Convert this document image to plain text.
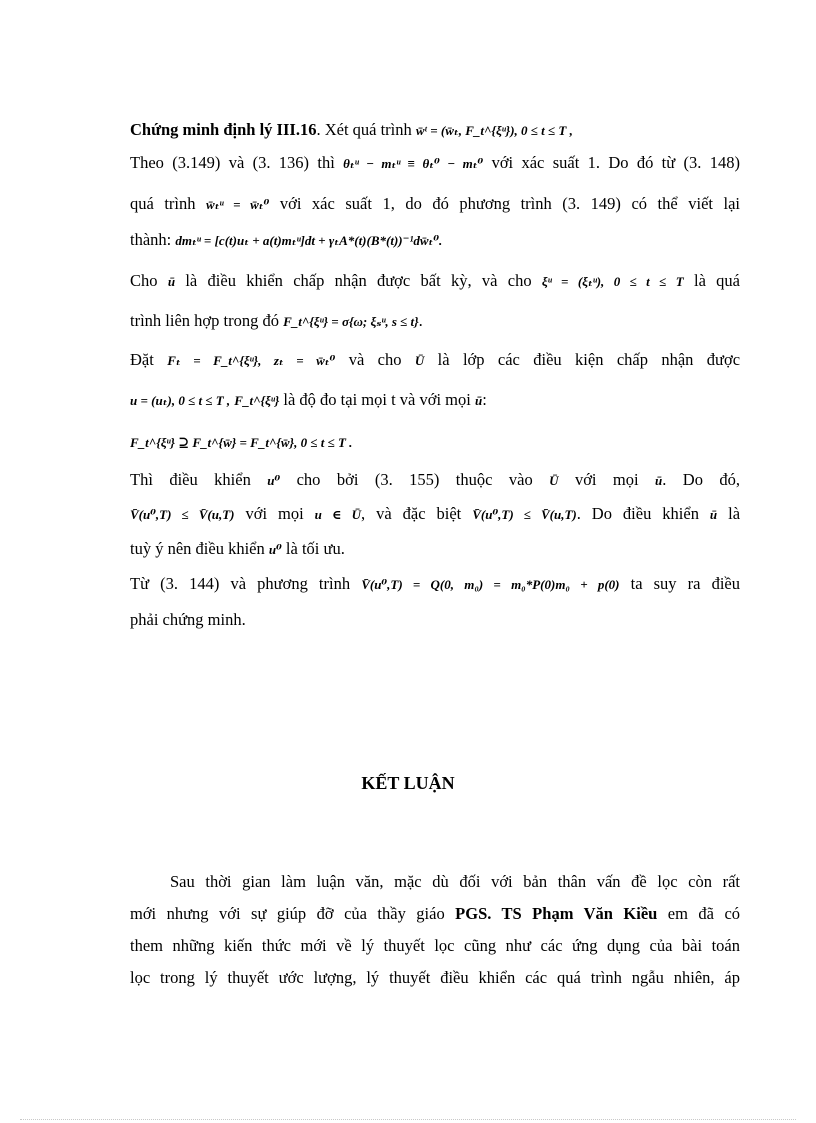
Chứng minh định lý III.16. Xét quá trình w̄ᵗ = (w̄ₜ, F_t^{ξᵘ}), 0 ≤ t ≤ T ,
Theo (3.149) và (3. 136) thì θₜᵘ − mₜᵘ ≡ θₜ⁰ − mₜ⁰ với xác suất 1. Do đó từ (3. 148)
quá trình w̄ₜᵘ = w̄ₜ⁰ với xác suất 1, do đó phương trình (3. 149) có thể viết lại
thành: dmₜᵘ = [c(t)uₜ + a(t)mₜᵘ]dt + γₜA*(t)(B*(t))⁻¹dw̄ₜ⁰.
Cho ū là điều khiển chấp nhận được bất kỳ, và cho ξᵘ = (ξₜᵘ), 0 ≤ t ≤ T là quá
trình liên hợp trong đó F_t^{ξᵘ} = σ{ω; ξₛᵘ, s ≤ t}.
Đặt Fₜ = F_t^{ξᵘ}, zₜ = w̄ₜ⁰ và cho Ū là lớp các điều kiện chấp nhận được
u = (uₜ), 0 ≤ t ≤ T , F_t^{ξᵘ} là độ đo tại mọi t và với mọi ū:
F_t^{ξᵘ} ⊇ F_t^{w̄} = F_t^{w̄}, 0 ≤ t ≤ T .
Thì điều khiển u⁰ cho bởi (3. 155) thuộc vào Ū với mọi ū. Do đó,
V̄(u⁰,T) ≤ V̄(u,T) với mọi u ∈ Ū, và đặc biệt V̄(u⁰,T) ≤ V̄(u,T). Do điều khiển ū là
tuỳ ý nên điều khiển u⁰ là tối ưu.
Từ (3. 144) và phương trình V̄(u⁰,T) = Q(0, m₀) = m₀*P(0)m₀ + p(0) ta suy ra điều
phải chứng minh.
KẾT LUẬN
Sau thời gian làm luận văn, mặc dù đối với bản thân vấn đề lọc còn rất
mới nhưng với sự giúp đỡ của thầy giáo PGS. TS Phạm Văn Kiều em đã có
them những kiến thức mới về lý thuyết lọc cũng như các ứng dụng của bài toán
lọc trong lý thuyết ước lượng, lý thuyết điều khiển các quá trình ngẫu nhiên, áp
